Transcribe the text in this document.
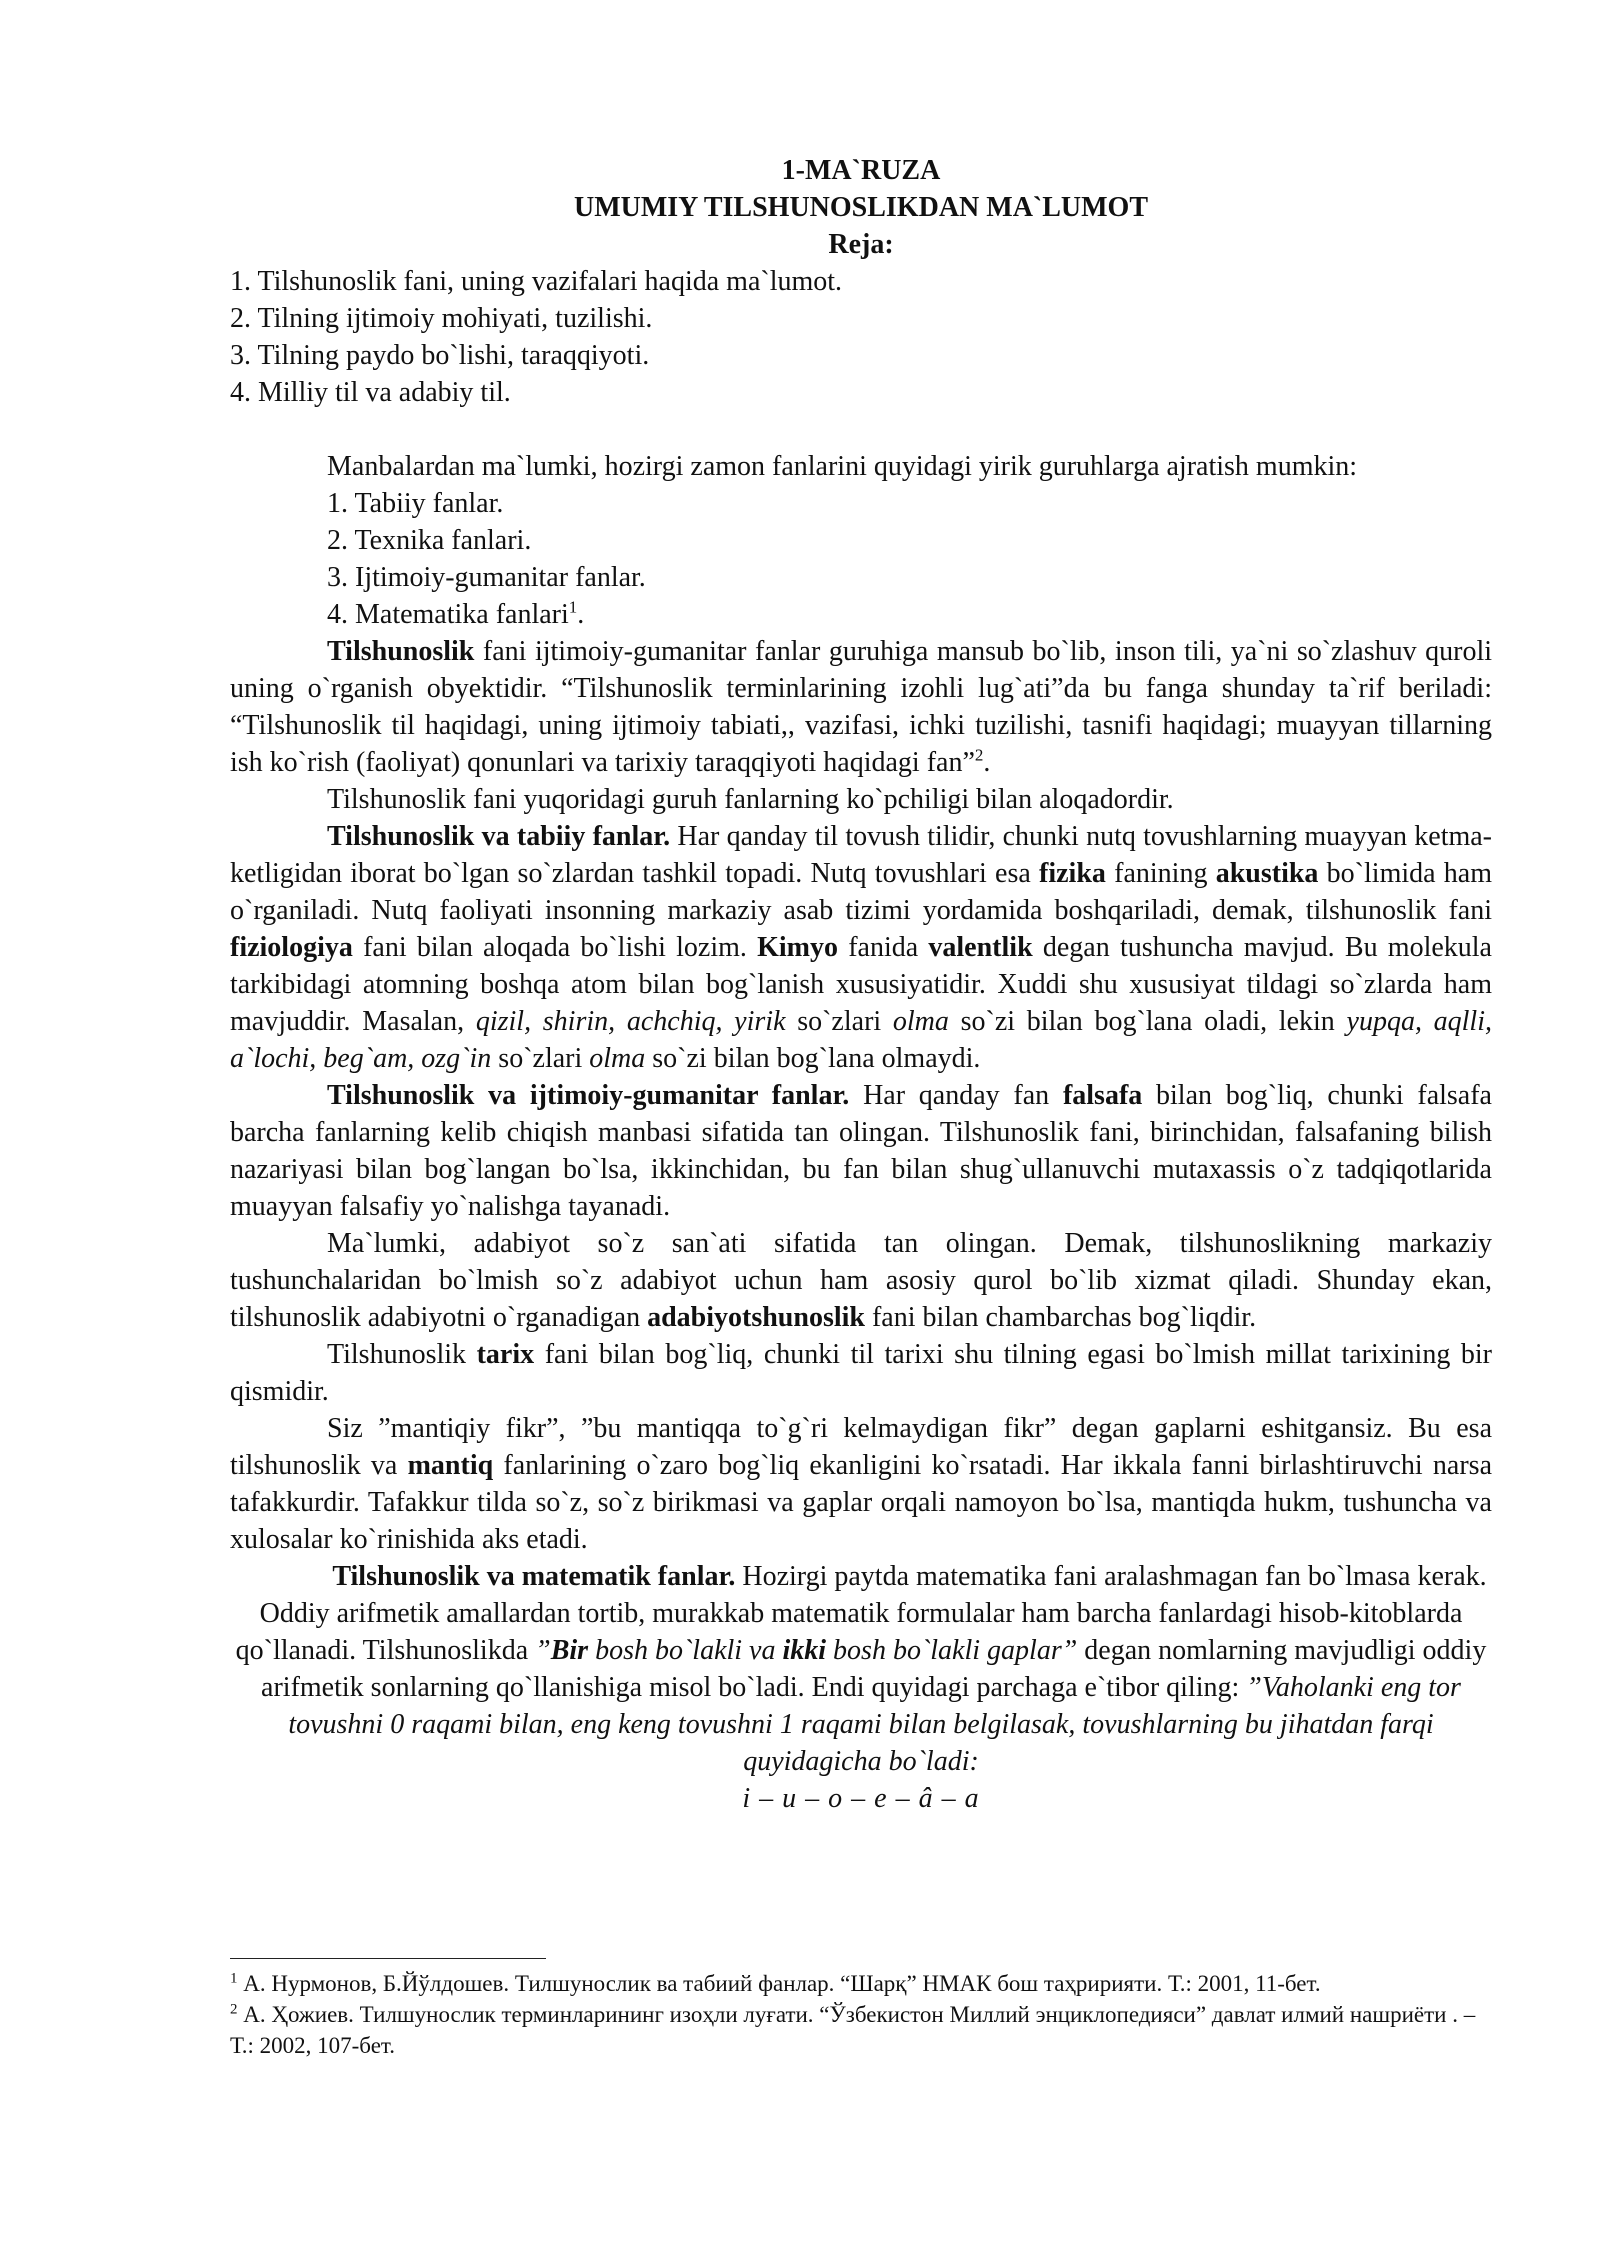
1-MA`RUZA
UMUMIY TILSHUNOSLIKDAN MA`LUMOT
Reja:
1. Tilshunoslik fani, uning vazifalari haqida ma`lumot.
2. Tilning ijtimoiy mohiyati, tuzilishi.
3. Tilning paydo bo`lishi, taraqqiyoti.
4. Milliy til va adabiy til.

Manbalardan ma`lumki, hozirgi zamon fanlarini quyidagi yirik guruhlarga ajratish mumkin:

1. Tabiiy fanlar.
2. Texnika fanlari.
3. Ijtimoiy-gumanitar fanlar.
4. Matematika fanlari$^1$.

Tilshunoslik fani ijtimoiy-gumanitar fanlar guruhiga mansub bo`lib, inson tili, ya`ni so`zlashuv quroli uning o`rganish obyektidir. “Tilshunoslik terminlarining izohli lug`ati”da bu fanga shunday ta`rif beriladi: “Tilshunoslik til haqidagi, uning ijtimoiy tabiati,, vazifasi, ichki tuzilishi, tasnifi haqidagi; muayyan tillarning ish ko`rish (faoliyat) qonunlari va tarixiy taraqqiyoti haqidagi fan”$^2$.

Tilshunoslik fani yuqoridagi guruh fanlarning ko`pchiligi bilan aloqadordir.

Tilshunoslik va tabiiy fanlar. Har qanday til tovush tilidir, chunki nutq tovushlarning muayyan ketma-ketligidan iborat bo`lgan so`zlardan tashkil topadi. Nutq tovushlari esa fizika fanining akustika bo`limida ham o`rganiladi. Nutq faoliyati insonning markaziy asab tizimi yordamida boshqariladi, demak, tilshunoslik fani fiziologiya fani bilan aloqada bo`lishi lozim. Kimyo fanida valentlik degan tushuncha mavjud. Bu molekula tarkibidagi atomning boshqa atom bilan bog`lanish xususiyatidir. Xuddi shu xususiyat tildagi so`zlarda ham mavjuddir. Masalan, qizil, shirin, achchiq, yirik so`zlari olma so`zi bilan bog`lana oladi, lekin yupqa, aqlli, a`lochi, beg`am, ozg`in so`zlari olma so`zi bilan bog`lana olmaydi.

Tilshunoslik va ijtimoiy-gumanitar fanlar. Har qanday fan falsafa bilan bog`liq, chunki falsafa barcha fanlarning kelib chiqish manbasi sifatida tan olingan. Tilshunoslik fani, birinchidan, falsafaning bilish nazariyasi bilan bog`langan bo`lsa, ikkinchidan, bu fan bilan shug`ullanuvchi mutaxassis o`z tadqiqotlarida muayyan falsafiy yo`nalishga tayanadi.

Ma`lumki, adabiyot so`z san`ati sifatida tan olingan. Demak, tilshunoslikning markaziy tushunchalaridan bo`lmish so`z adabiyot uchun ham asosiy qurol bo`lib xizmat qiladi. Shunday ekan, tilshunoslik adabiyotni o`rganadigan adabiyotshunoslik fani bilan chambarchas bog`liqdir.

Tilshunoslik tarix fani bilan bog`liq, chunki til tarixi shu tilning egasi bo`lmish millat tarixining bir qismidir.

Siz ”mantiqiy fikr”, ”bu mantiqqa to`g`ri kelmaydigan fikr” degan gaplarni eshitgansiz. Bu esa tilshunoslik va mantiq fanlarining o`zaro bog`liq ekanligini ko`rsatadi. Har ikkala fanni birlashtiruvchi narsa tafakkurdir. Tafakkur tilda so`z, so`z birikmasi va gaplar orqali namoyon bo`lsa, mantiqda hukm, tushuncha va xulosalar ko`rinishida aks etadi.

Tilshunoslik va matematik fanlar. Hozirgi paytda matematika fani aralashmagan fan bo`lmasa kerak. Oddiy arifmetik amallardan tortib, murakkab matematik formulalar ham barcha fanlardagi hisob-kitoblarda qo`llanadi. Tilshunoslikda ”Bir bosh bo`lakli va ikki bosh bo`lakli gaplar” degan nomlarning mavjudligi oddiy arifmetik sonlarning qo`llanishiga misol bo`ladi. Endi quyidagi parchaga e`tibor qiling: ”Vaholanki eng tor tovushni 0 raqami bilan, eng keng tovushni 1 raqami bilan belgilasak, tovushlarning bu jihatdan farqi quyidagicha bo`ladi:

i – u – o – e – â – a

$^1$ А. Нурмонов, Б.Йўлдошев. Тилшунослик ва табиий фанлар. “Шарқ” НМАК бош таҳририяти. Т.: 2001, 11-бет.

$^2$ А. Ҳожиев. Тилшунослик терминларининг изоҳли луғати. “Ўзбекистон Миллий энциклопедияси” давлат илмий нашриёти . –Т.: 2002, 107-бет.
